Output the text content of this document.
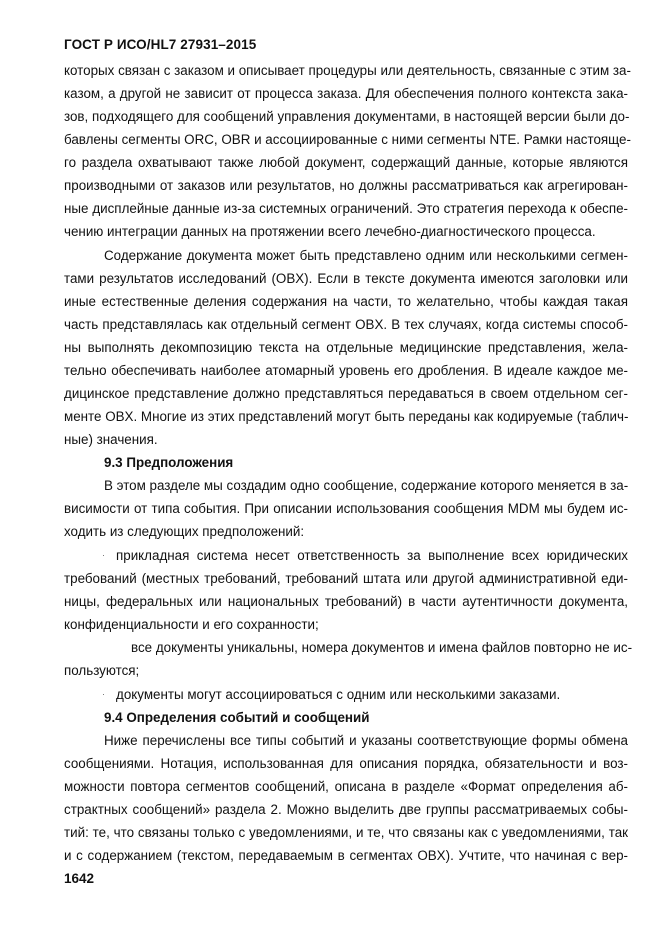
ГОСТ Р ИСО/HL7 27931–2015
которых связан с заказом и описывает процедуры или деятельность, связанные с этим за-
казом, а другой не зависит от процесса заказа. Для обеспечения полного контекста зака-
зов, подходящего для сообщений управления документами, в настоящей версии были до-
бавлены сегменты ORC, OBR и ассоциированные с ними сегменты NTE. Рамки настояще-
го раздела охватывают также любой документ, содержащий данные, которые являются
производными от заказов или результатов, но должны рассматриваться как агрегирован-
ные дисплейные данные из-за системных ограничений. Это стратегия перехода к обеспе-
чению интеграции данных на протяжении всего лечебно-диагностического процесса.
Содержание документа может быть представлено одним или несколькими сегмен-
тами результатов исследований (OBX). Если в тексте документа имеются заголовки или
иные естественные деления содержания на части, то желательно, чтобы каждая такая
часть представлялась как отдельный сегмент OBX. В тех случаях, когда системы способ-
ны выполнять декомпозицию текста на отдельные медицинские представления, жела-
тельно обеспечивать наиболее атомарный уровень его дробления. В идеале каждое ме-
дицинское представление должно представляться передаваться в своем отдельном сег-
менте OBX. Многие из этих представлений могут быть переданы как кодируемые (таблич-
ные) значения.
9.3 Предположения
В этом разделе мы создадим одно сообщение, содержание которого меняется в за-
висимости от типа события. При описании использования сообщения MDM мы будем ис-
ходить из следующих предположений:
· прикладная система несет ответственность за выполнение всех юридических
требований (местных требований, требований штата или другой административной еди-
ницы, федеральных или национальных требований) в части аутентичности документа,
конфиденциальности и его сохранности;
все документы уникальны, номера документов и имена файлов повторно не ис-
пользуются;
· документы могут ассоциироваться с одним или несколькими заказами.
9.4 Определения событий и сообщений
Ниже перечислены все типы событий и указаны соответствующие формы обмена
сообщениями. Нотация, использованная для описания порядка, обязательности и воз-
можности повтора сегментов сообщений, описана в разделе «Формат определения аб-
страктных сообщений» раздела 2. Можно выделить две группы рассматриваемых собы-
тий: те, что связаны только с уведомлениями, и те, что связаны как с уведомлениями, так
и с содержанием (текстом, передаваемым в сегментах OBX). Учтите, что начиная с вер-
1642
